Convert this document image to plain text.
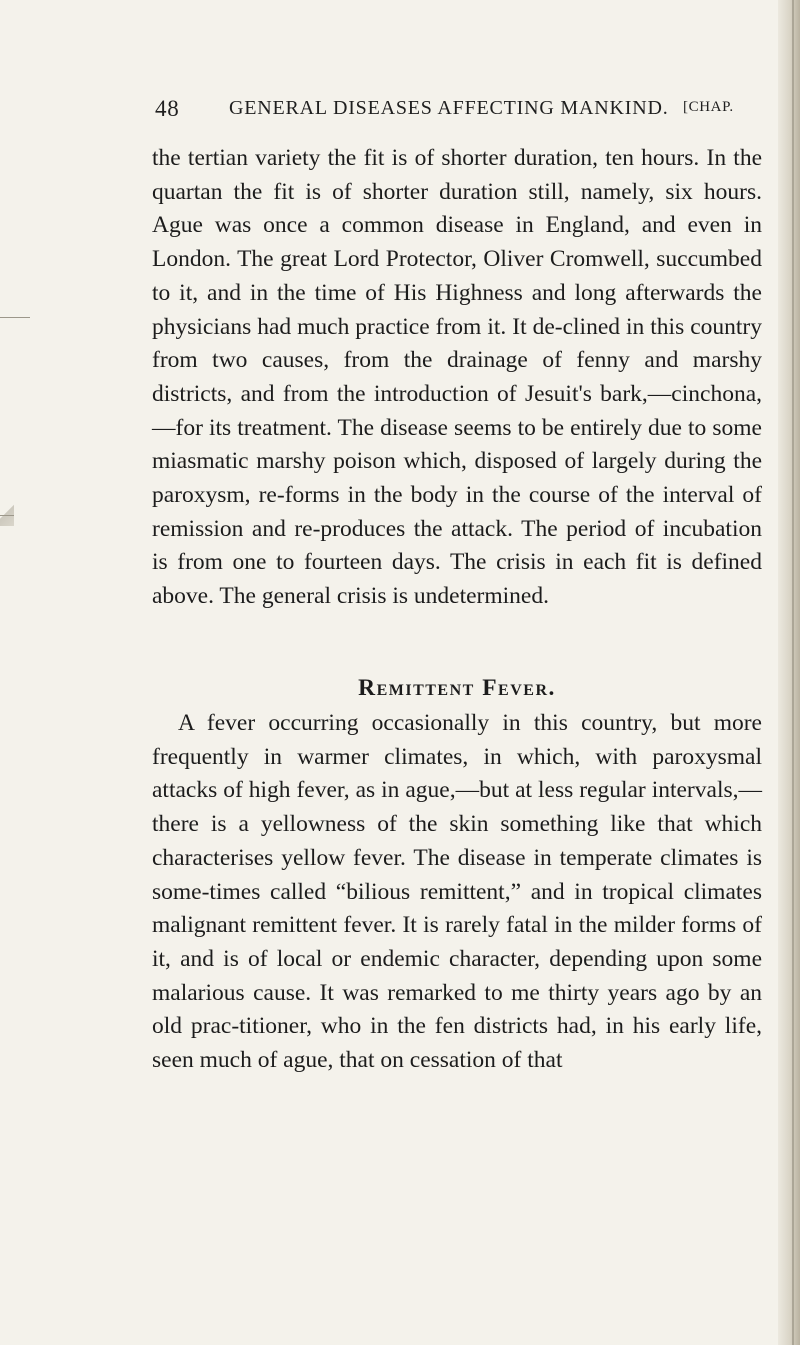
48 GENERAL DISEASES AFFECTING MANKIND. [CHAP.

the tertian variety the fit is of shorter duration, ten hours. In the quartan the fit is of shorter duration still, namely, six hours. Ague was once a common disease in England, and even in London. The great Lord Protector, Oliver Cromwell, succumbed to it, and in the time of His Highness and long afterwards the physicians had much practice from it. It de-clined in this country from two causes, from the drainage of fenny and marshy districts, and from the introduction of Jesuit's bark,—cinchona,—for its treatment. The disease seems to be entirely due to some miasmatic marshy poison which, disposed of largely during the paroxysm, re-forms in the body in the course of the interval of remission and re-produces the attack. The period of incubation is from one to fourteen days. The crisis in each fit is defined above. The general crisis is undetermined.

Remittent Fever.

A fever occurring occasionally in this country, but more frequently in warmer climates, in which, with paroxysmal attacks of high fever, as in ague,—but at less regular intervals,—there is a yellowness of the skin something like that which characterises yellow fever. The disease in temperate climates is some-times called “bilious remittent,” and in tropical climates malignant remittent fever. It is rarely fatal in the milder forms of it, and is of local or endemic character, depending upon some malarious cause. It was remarked to me thirty years ago by an old prac-titioner, who in the fen districts had, in his early life, seen much of ague, that on cessation of that
